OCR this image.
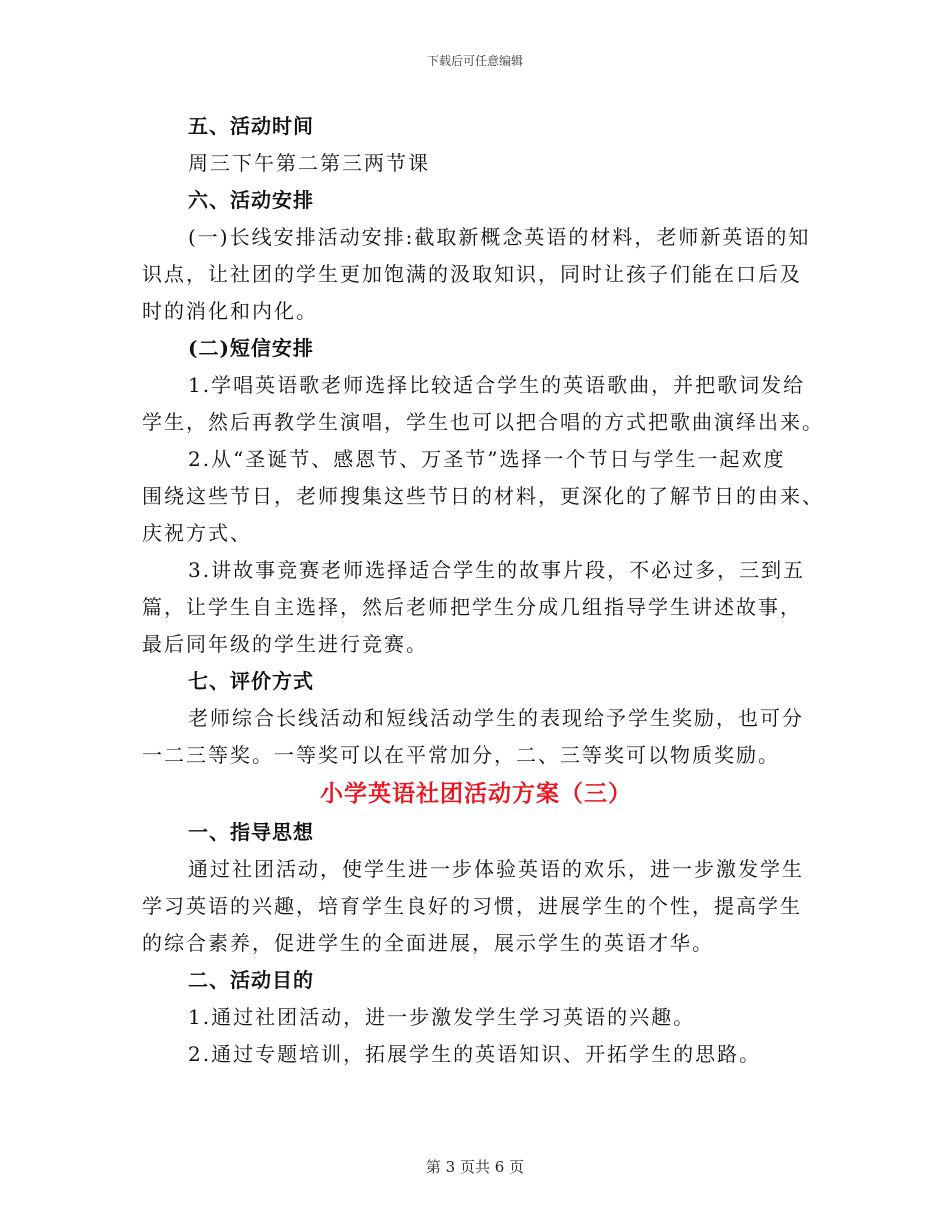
下载后可任意编辑
五、活动时间
周三下午第二第三两节课
六、活动安排
(一)长线安排活动安排:截取新概念英语的材料，老师新英语的知
识点，让社团的学生更加饱满的汲取知识，同时让孩子们能在口后及
时的消化和内化。
(二)短信安排
1.学唱英语歌老师选择比较适合学生的英语歌曲，并把歌词发给
学生，然后再教学生演唱，学生也可以把合唱的方式把歌曲演绎出来。
2.从“圣诞节、感恩节、万圣节”选择一个节日与学生一起欢度
围绕这些节日，老师搜集这些节日的材料，更深化的了解节日的由来、
庆祝方式、
3.讲故事竞赛老师选择适合学生的故事片段，不必过多，三到五
篇，让学生自主选择，然后老师把学生分成几组指导学生讲述故事，
最后同年级的学生进行竞赛。
七、评价方式
老师综合长线活动和短线活动学生的表现给予学生奖励，也可分
一二三等奖。一等奖可以在平常加分，二、三等奖可以物质奖励。
小学英语社团活动方案（三）
一、指导思想
通过社团活动，使学生进一步体验英语的欢乐，进一步激发学生
学习英语的兴趣，培育学生良好的习惯，进展学生的个性，提高学生
的综合素养，促进学生的全面进展，展示学生的英语才华。
二、活动目的
1.通过社团活动，进一步激发学生学习英语的兴趣。
2.通过专题培训，拓展学生的英语知识、开拓学生的思路。
第 3 页共 6 页
